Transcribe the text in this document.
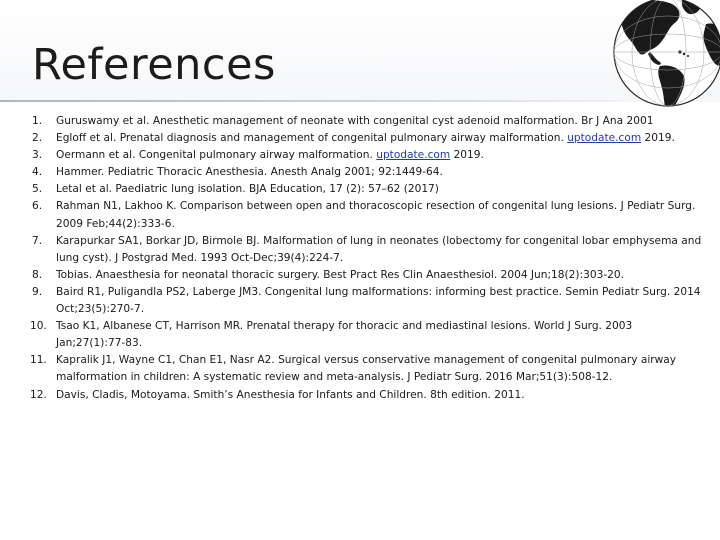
References
1. Guruswamy et al. Anesthetic management of neonate with congenital cyst adenoid malformation. Br J Ana 2001
2. Egloff et al. Prenatal diagnosis and management of congenital pulmonary airway malformation. uptodate.com 2019.
3. Oermann et al. Congenital pulmonary airway malformation. uptodate.com 2019.
4. Hammer. Pediatric Thoracic Anesthesia. Anesth Analg 2001; 92:1449-64.
5. Letal et al. Paediatric lung isolation. BJA Education, 17 (2): 57–62 (2017)
6. Rahman N1, Lakhoo K. Comparison between open and thoracoscopic resection of congenital lung lesions. J Pediatr Surg. 2009 Feb;44(2):333-6.
7. Karapurkar SA1, Borkar JD, Birmole BJ. Malformation of lung in neonates (lobectomy for congenital lobar emphysema and lung cyst). J Postgrad Med. 1993 Oct-Dec;39(4):224-7.
8. Tobias. Anaesthesia for neonatal thoracic surgery. Best Pract Res Clin Anaesthesiol. 2004 Jun;18(2):303-20.
9. Baird R1, Puligandla PS2, Laberge JM3. Congenital lung malformations: informing best practice. Semin Pediatr Surg. 2014 Oct;23(5):270-7.
10. Tsao K1, Albanese CT, Harrison MR. Prenatal therapy for thoracic and mediastinal lesions. World J Surg. 2003 Jan;27(1):77-83.
11. Kapralik J1, Wayne C1, Chan E1, Nasr A2. Surgical versus conservative management of congenital pulmonary airway malformation in children: A systematic review and meta-analysis. J Pediatr Surg. 2016 Mar;51(3):508-12.
12. Davis, Cladis, Motoyama. Smith’s Anesthesia for Infants and Children. 8th edition. 2011.
